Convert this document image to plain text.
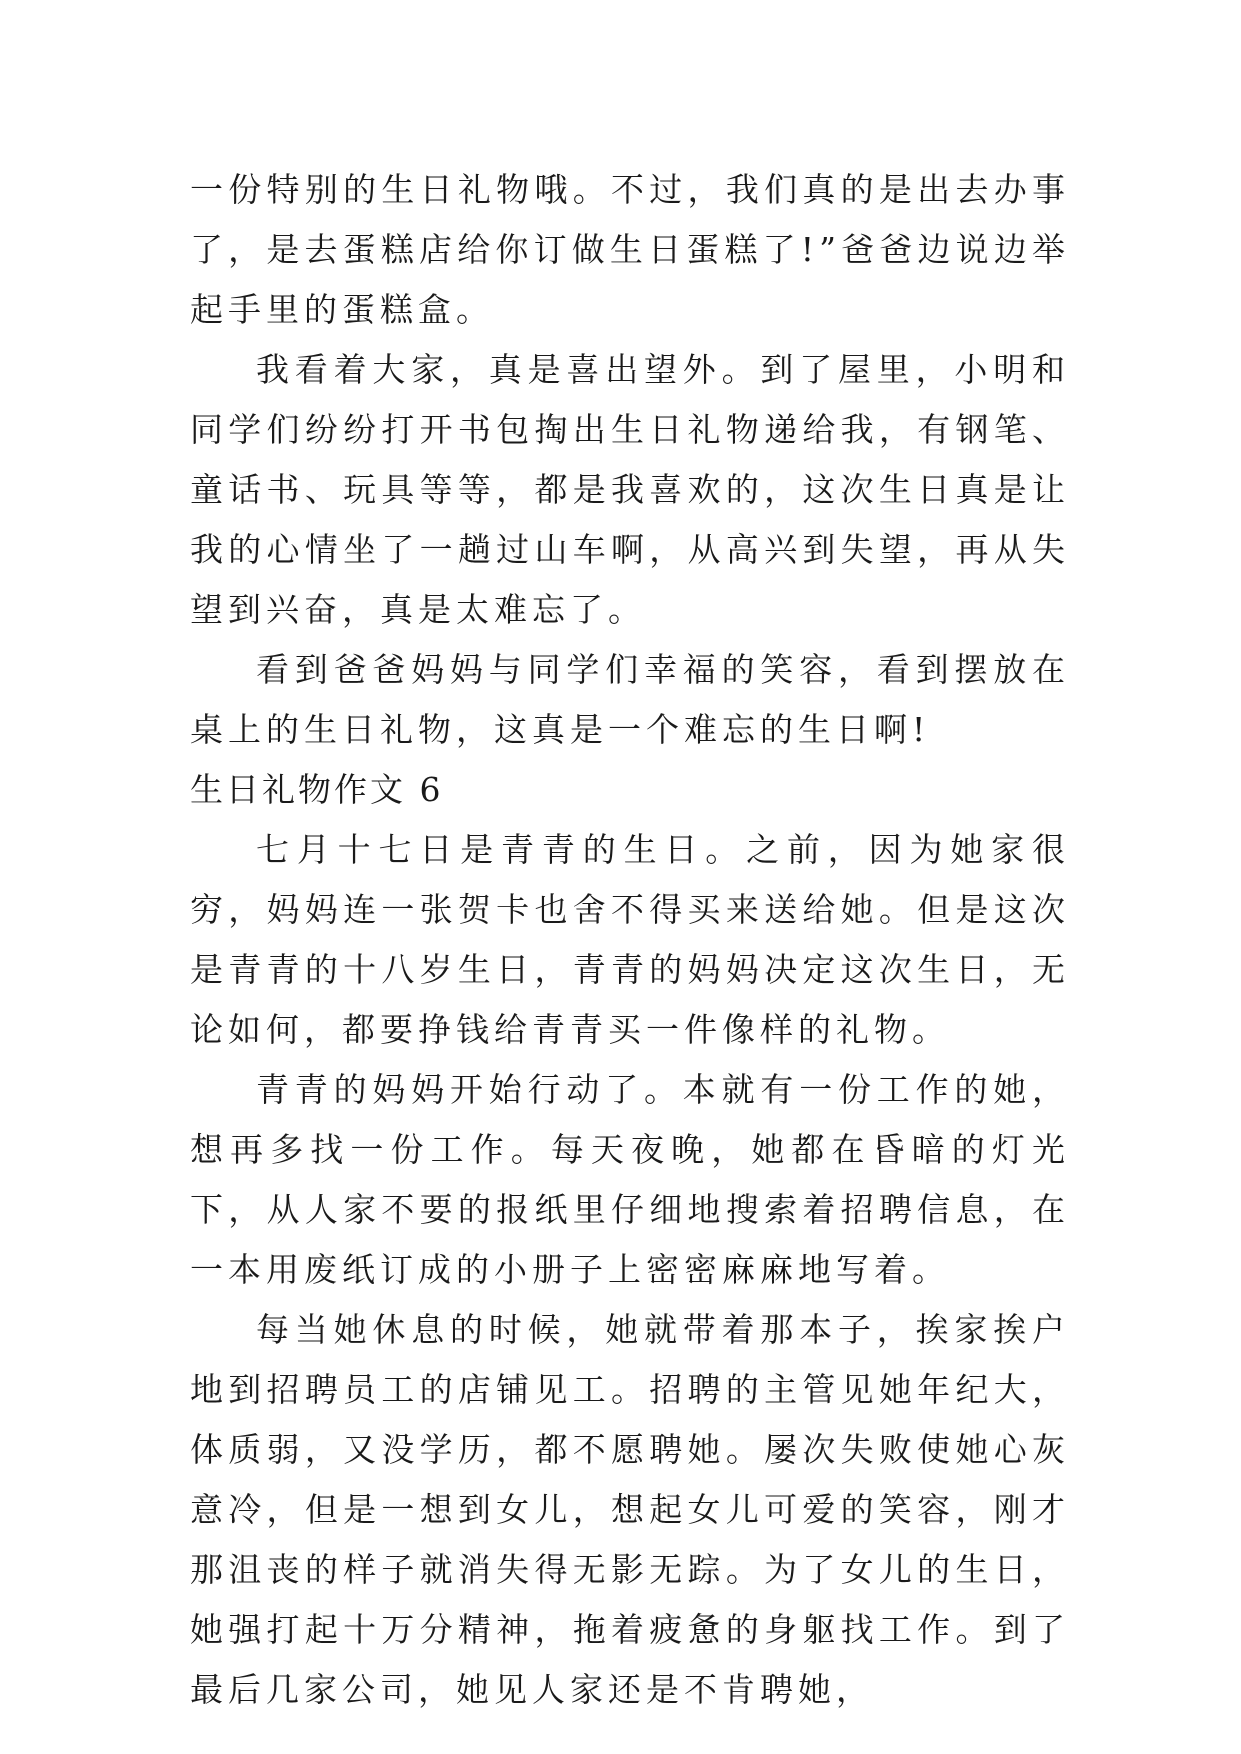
一份特别的生日礼物哦。不过，我们真的是出去办事了，是去蛋糕店给你订做生日蛋糕了!”爸爸边说边举起手里的蛋糕盒。

我看着大家，真是喜出望外。到了屋里，小明和同学们纷纷打开书包掏出生日礼物递给我，有钢笔、童话书、玩具等等，都是我喜欢的，这次生日真是让我的心情坐了一趟过山车啊，从高兴到失望，再从失望到兴奋，真是太难忘了。

看到爸爸妈妈与同学们幸福的笑容，看到摆放在桌上的生日礼物，这真是一个难忘的生日啊!

生日礼物作文 6

七月十七日是青青的生日。之前，因为她家很穷，妈妈连一张贺卡也舍不得买来送给她。但是这次是青青的十八岁生日，青青的妈妈决定这次生日，无论如何，都要挣钱给青青买一件像样的礼物。

青青的妈妈开始行动了。本就有一份工作的她，想再多找一份工作。每天夜晚，她都在昏暗的灯光下，从人家不要的报纸里仔细地搜索着招聘信息，在一本用废纸订成的小册子上密密麻麻地写着。

每当她休息的时候，她就带着那本子，挨家挨户地到招聘员工的店铺见工。招聘的主管见她年纪大，体质弱，又没学历，都不愿聘她。屡次失败使她心灰意冷，但是一想到女儿，想起女儿可爱的笑容，刚才那沮丧的样子就消失得无影无踪。为了女儿的生日，她强打起十万分精神，拖着疲惫的身躯找工作。到了最后几家公司，她见人家还是不肯聘她，
